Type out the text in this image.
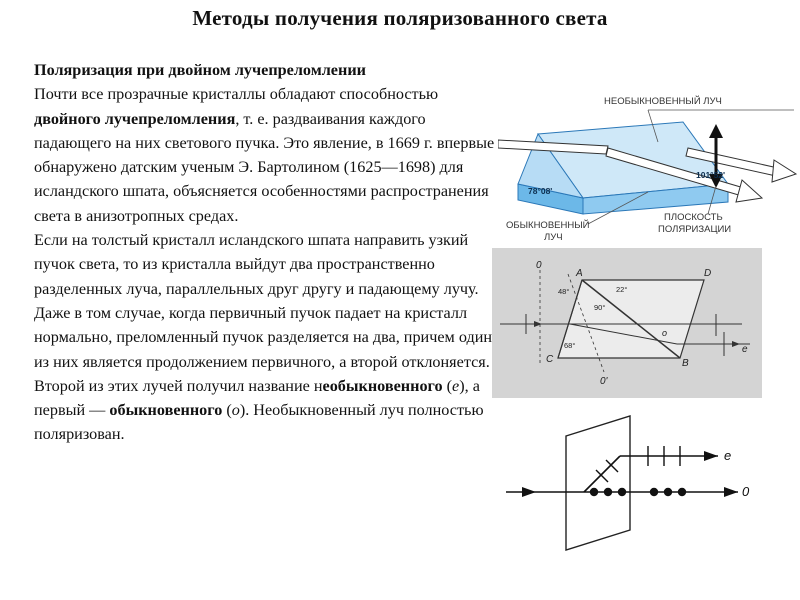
Методы получения поляризованного света

Поляризация при двойном лучепреломлении
Почти все прозрачные кристаллы обладают способностью двойного лучепреломления, т. е. раздваивания каждого падающего на них светового пучка. Это явление, в 1669 г. впервые обнаружено датским ученым Э. Бартолином (1625—1698) для исландского шпата, объясняется особенностями распространения света в анизотропных средах.

Если на толстый кристалл исландского шпата направить узкий пучок света, то из кристалла выйдут два пространственно разделенных луча, параллельных друг другу и падающему лучу. Даже в том случае, когда первичный пучок падает на кристалл нормально, преломленный пучок разделяется на два, причем один из них является продолжением первичного, а второй отклоняется. Второй из этих лучей получил название необыкновенного (е), а первый — обыкновенного (о). Необыкновенный луч полностью поляризован.

НЕОБЫКНОВЕННЫЙ ЛУЧ
78°08'
101°52'
ОБЫКНОВЕННЫЙ
ЛУЧ
ПЛОСКОСТЬ
ПОЛЯРИЗАЦИИ
0
A	D
C	B
0'
e
o
48°	22°
90°
68°
e
0
